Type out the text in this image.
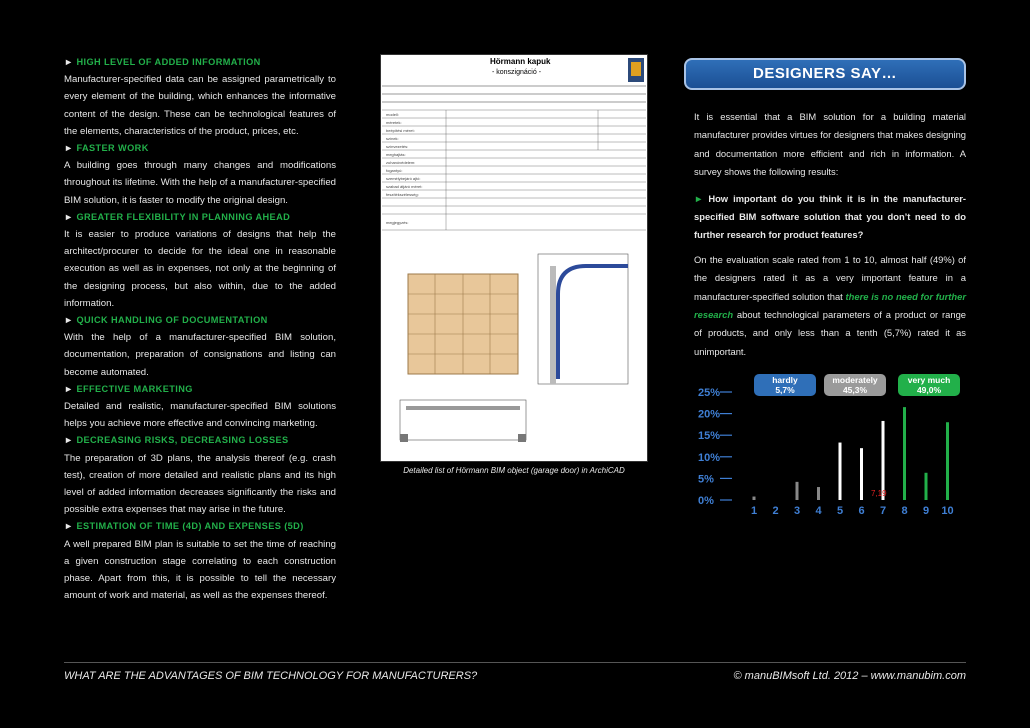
► HIGH LEVEL OF ADDED INFORMATION

Manufacturer-specified data can be assigned parametrically to every element of the building, which enhances the informative content of the design. These can be technological features of the elements, characteristics of the product, prices, etc.

► FASTER WORK

A building goes through many changes and modifications throughout its lifetime. With the help of a manufacturer-specified BIM solution, it is faster to modify the original design.

► GREATER FLEXIBILITY IN PLANNING AHEAD

It is easier to produce variations of designs that help the architect/procurer to decide for the ideal one in reasonable execution as well as in expenses, not only at the beginning of the designing process, but also within, due to the added information.

► QUICK HANDLING OF DOCUMENTATION

With the help of a manufacturer-specified BIM solution, documentation, preparation of consignations and listing can become automated.

► EFFECTIVE MARKETING

Detailed and realistic, manufacturer-specified BIM solutions helps you achieve more effective and convincing marketing.

► DECREASING RISKS, DECREASING LOSSES

The preparation of 3D plans, the analysis thereof (e.g. crash test), creation of more detailed and realistic plans and its high level of added information decreases significantly the risks and possible extra expenses that may arise in the future.

► ESTIMATION OF TIME (4D) AND EXPENSES (5D)

A well prepared BIM plan is suitable to set the time of reaching a given construction stage correlating to each construction phase. Apart from this, it is possible to tell the necessary amount of work and material, as well as the expenses thereof.

Hörmann kapuk
- konszignáció -
modell:
méretek:
beépítési méret:
színek:
színvezetés:
meghajtás:
zuhanóvédelem:
fogantyú:
személybejáró ajtó:
szabad átjáró méret:
feszítékszélesség:
megjegyzés:
Detailed list of Hörmann BIM object (garage door) in ArchiCAD
DESIGNERS SAY…

It is essential that a BIM solution for a building material manufacturer provides virtues for designers that makes designing and documentation more efficient and rich in information. A survey shows the following results:

► How important do you think it is in the manufacturer-specified BIM software solution that you don’t need to do further research for product features?

On the evaluation scale rated from 1 to 10, almost half (49%) of the designers rated it as a very important feature in a manufacturer-specified solution that there is no need for further research about technological parameters of a product or range of products, and only less than a tenth (5,7%) rated it as unimportant.

0%
5%
10%
15%
20%
25%
hardly
5,7%
moderately
45,3%
very much
49,0%
1 2 3 4 5 6 7 8 9 10
7,19
WHAT ARE THE ADVANTAGES OF BIM TECHNOLOGY FOR MANUFACTURERS?	© manuBIMsoft Ltd. 2012 – www.manubim.com
